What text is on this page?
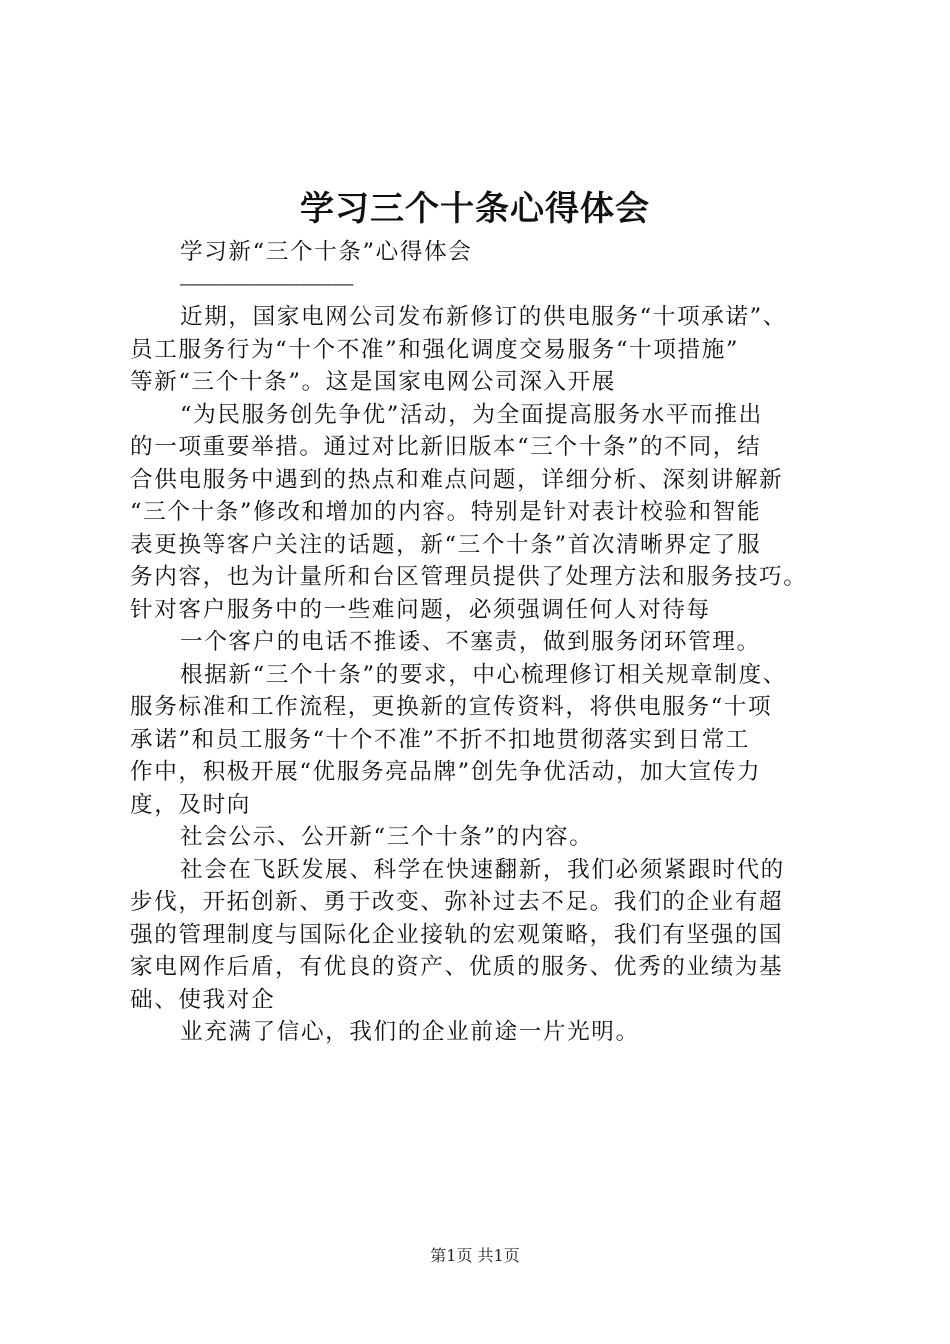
学习三个十条心得体会
学习新“三个十条”心得体会
————————————————
近期，国家电网公司发布新修订的供电服务“十项承诺”、
员工服务行为“十个不准”和强化调度交易服务“十项措施”
等新“三个十条”。这是国家电网公司深入开展
“为民服务创先争优”活动，为全面提高服务水平而推出
的一项重要举措。通过对比新旧版本“三个十条”的不同，结
合供电服务中遇到的热点和难点问题，详细分析、深刻讲解新
“三个十条”修改和增加的内容。特别是针对表计校验和智能
表更换等客户关注的话题，新“三个十条”首次清晰界定了服
务内容，也为计量所和台区管理员提供了处理方法和服务技巧。
针对客户服务中的一些难问题，必须强调任何人对待每
一个客户的电话不推诿、不塞责，做到服务闭环管理。
根据新“三个十条”的要求，中心梳理修订相关规章制度、
服务标准和工作流程，更换新的宣传资料，将供电服务“十项
承诺”和员工服务“十个不准”不折不扣地贯彻落实到日常工
作中，积极开展“优服务亮品牌”创先争优活动，加大宣传力
度，及时向
社会公示、公开新“三个十条”的内容。
社会在飞跃发展、科学在快速翻新，我们必须紧跟时代的
步伐，开拓创新、勇于改变、弥补过去不足。我们的企业有超
强的管理制度与国际化企业接轨的宏观策略，我们有坚强的国
家电网作后盾，有优良的资产、优质的服务、优秀的业绩为基
础、使我对企
业充满了信心，我们的企业前途一片光明。
第1页 共1页
